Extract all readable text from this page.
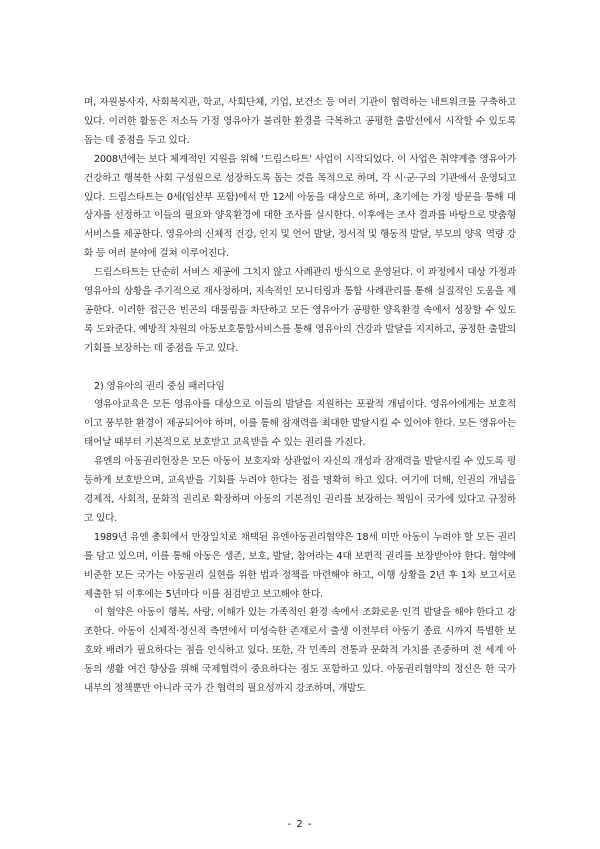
며, 자원봉사자, 사회복지관, 학교, 사회단체, 기업, 보건소 등 여러 기관이 협력하는 네트워크를 구축하고 있다. 이러한 활동은 저소득 가정 영유아가 불리한 환경을 극복하고 공평한 출발선에서 시작할 수 있도록 돕는 데 중점을 두고 있다.

2008년에는 보다 체계적인 지원을 위해 '드림스타트' 사업이 시작되었다. 이 사업은 취약계층 영유아가 건강하고 행복한 사회 구성원으로 성장하도록 돕는 것을 목적으로 하며, 각 시·군·구의 기관에서 운영되고 있다. 드림스타트는 0세(임산부 포함)에서 만 12세 아동을 대상으로 하며, 초기에는 가정 방문을 통해 대상자를 선정하고 이들의 필요와 양육환경에 대한 조사를 실시한다. 이후에는 조사 결과를 바탕으로 맞춤형 서비스를 제공한다. 영유아의 신체적 건강, 인지 및 언어 발달, 정서적 및 행동적 발달, 부모의 양육 역량 강화 등 여러 분야에 걸쳐 이루어진다.

드림스타트는 단순히 서비스 제공에 그치지 않고 사례관리 방식으로 운영된다. 이 과정에서 대상 가정과 영유아의 상황을 주기적으로 재사정하며, 지속적인 모니터링과 통합 사례관리를 통해 실질적인 도움을 제공한다. 이러한 접근은 빈곤의 대물림을 차단하고 모든 영유아가 공평한 양육환경 속에서 성장할 수 있도록 도와준다. 예방적 차원의 아동보호통합서비스를 통해 영유아의 건강과 발달을 지지하고, 공정한 출발의 기회를 보장하는 데 중점을 두고 있다.

2) 영유아의 권리 중심 패러다임

영유아교육은 모든 영유아를 대상으로 이들의 발달을 지원하는 포괄적 개념이다. 영유아에게는 보호적이고 풍부한 환경이 제공되어야 하며, 이를 통해 잠재력을 최대한 발달시킬 수 있어야 한다. 모든 영유아는 태어날 때부터 기본적으로 보호받고 교육받을 수 있는 권리를 가진다.

유엔의 아동권리헌장은 모든 아동이 보호자와 상관없이 자신의 개성과 잠재력을 발달시킬 수 있도록 평등하게 보호받으며, 교육받을 기회를 누려야 한다는 점을 명확히 하고 있다. 여기에 더해, 인권의 개념을 경제적, 사회적, 문화적 권리로 확장하며 아동의 기본적인 권리를 보장하는 책임이 국가에 있다고 규정하고 있다.

1989년 유엔 총회에서 만장일치로 채택된 유엔아동권리협약은 18세 미만 아동이 누려야 할 모든 권리를 담고 있으며, 이를 통해 아동은 생존, 보호, 발달, 참여라는 4대 보편적 권리를 보장받아야 한다. 협약에 비준한 모든 국가는 아동권리 실현을 위한 법과 정책을 마련해야 하고, 이행 상황을 2년 후 1차 보고서로 제출한 뒤 이후에는 5년마다 이를 점검받고 보고해야 한다.

이 협약은 아동이 행복, 사랑, 이해가 있는 가족적인 환경 속에서 조화로운 인격 발달을 해야 한다고 강조한다. 아동이 신체적·정신적 측면에서 미성숙한 존재로서 출생 이전부터 아동기 종료 시까지 특별한 보호와 배려가 필요하다는 점을 인식하고 있다. 또한, 각 민족의 전통과 문화적 가치를 존중하며 전 세계 아동의 생활 여건 향상을 위해 국제협력이 중요하다는 점도 포함하고 있다. 아동권리협약의 정신은 한 국가 내부의 정책뿐만 아니라 국가 간 협력의 필요성까지 강조하며, 개발도

- 2 -
